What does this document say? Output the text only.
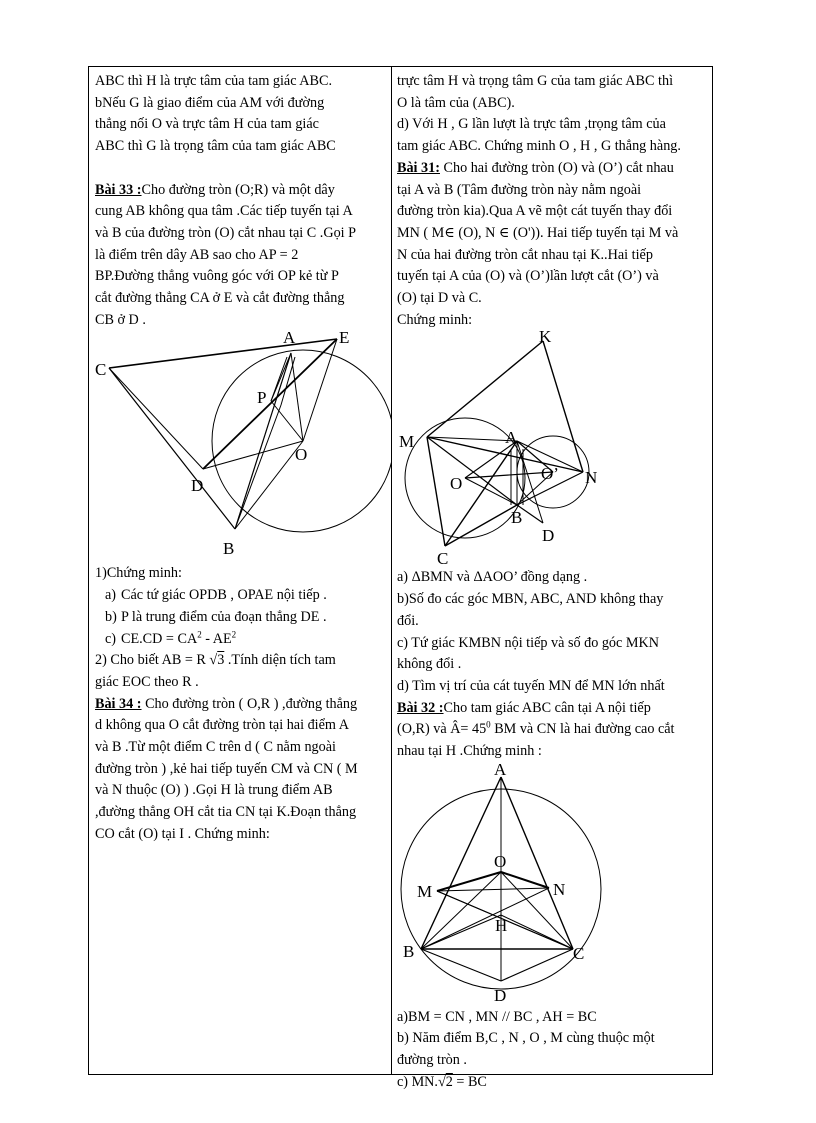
ABC thì H là trực tâm của tam giác ABC.

bNếu G là giao điểm của AM với đường

thẳng nối O và trực tâm H của tam giác

ABC thì G là trọng tâm của tam giác ABC

Bài 33 :Cho đường tròn (O;R) và một dây

cung AB không qua tâm .Các tiếp tuyến tại A

và B của đường tròn (O) cắt nhau tại C .Gọi P

là điểm trên dây AB sao cho AP = 2

BP.Đường thẳng vuông góc với OP kẻ từ P

cắt đường thẳng CA ở E và cắt đường thẳng

CB ở D .

A	E
C
P
O
D
B

1)Chứng minh:

a) Các tứ giác OPDB , OPAE nội tiếp .

b) P là trung điểm của đoạn thẳng DE .

c) $CE.CD = CA^2 - AE^2$

2) Cho biết AB = R √3 .Tính diện tích tam

giác EOC theo R .

Bài 34 : Cho đường tròn ( O,R ) ,đường thẳng

d không qua O cắt đường tròn tại hai điểm A

và B .Từ một điểm C trên d ( C nằm ngoài

đường tròn ) ,kẻ hai tiếp tuyến CM và CN ( M

và N thuộc (O) ) .Gọi H là trung điểm AB

,đường thẳng OH cắt tia CN tại K.Đoạn thẳng

CO cắt (O) tại I . Chứng minh:

trực tâm H và trọng tâm G của tam giác ABC thì

O là tâm của (ABC).

d) Với H , G lần lượt là trực tâm ,trọng tâm của

tam giác ABC. Chứng minh O , H , G thẳng hàng.

Bài 31: Cho hai đường tròn (O) và (O’) cắt nhau

tại A và B (Tâm đường tròn này nằm ngoài

đường tròn kia).Qua A vẽ một cát tuyến thay đổi

MN ( M∈ (O), N ∈ (O')). Hai tiếp tuyến tại M và

N của hai đường tròn cắt nhau tại K..Hai tiếp

tuyến tại A của (O) và (O’)lần lượt cắt (O’) và

(O) tại D và C.

Chứng minh:

K
M	A
O
O’ N
B
C
D

a) ΔBMN và ΔAOO’ đồng dạng .

b)Số đo các góc MBN, ABC, AND không thay

đổi.

c) Tứ giác KMBN nội tiếp và số đo góc MKN

không đổi .

d) Tìm vị trí của cát tuyến MN để MN lớn nhất

Bài 32 :Cho tam giác ABC cân tại A nội tiếp

(O,R) và Â= $45^0$ BM và CN là hai đường cao cắt

nhau tại H .Chứng minh :

A
O
M	N
H
B	C
D

a)BM = CN , MN // BC , AH = BC

b) Năm điểm B,C , N , O , M cùng thuộc một

đường tròn .

c) MN.√2 = BC
